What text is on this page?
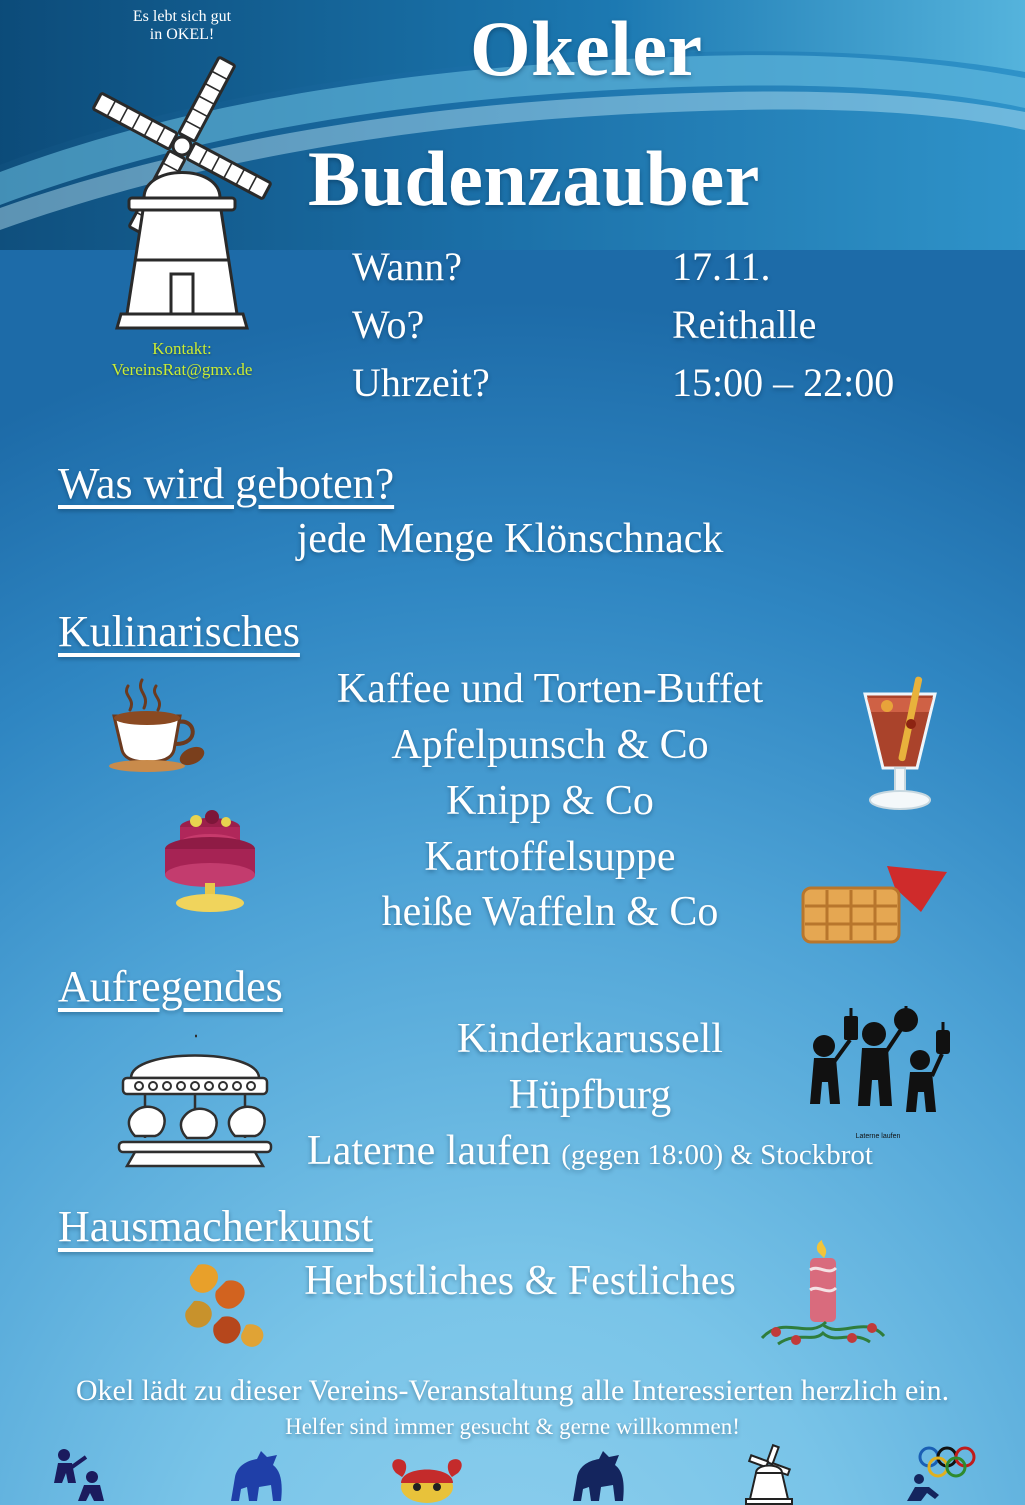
Es lebt sich gut
in OKEL!
Kontakt:
VereinsRat@gmx.de
Okeler
Budenzauber
Wann?	17.11.
Wo?	Reithalle
Uhrzeit?	15:00 – 22:00
Was wird geboten?
jede Menge Klönschnack
Kulinarisches
Kaffee und Torten-Buffet
Apfelpunsch & Co
Knipp & Co
Kartoffelsuppe
heiße Waffeln & Co
Aufregendes
Kinderkarussell
Hüpfburg
Laterne laufen (gegen 18:00) & Stockbrot
Hausmacherkunst
Herbstliches & Festliches
Laterne laufen
Okel lädt zu dieser Vereins-Veranstaltung alle Interessierten herzlich ein.
Helfer sind immer gesucht & gerne willkommen!
